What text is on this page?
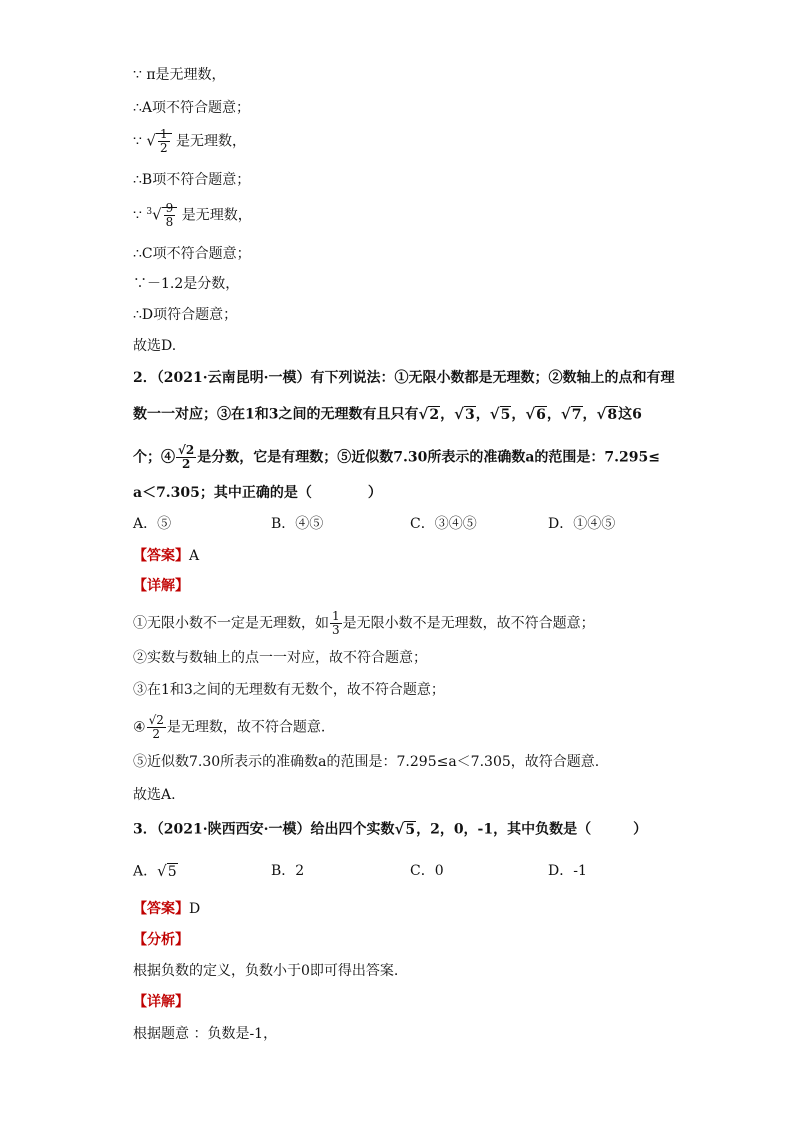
∵ π是无理数，
∴A项不符合题意；
∵ √ $\frac{1}{2}$ 是无理数，
∴B项不符合题意；
∵ $^3√ \frac{9}{8}$ 是无理数，
∴C项不符合题意；
∵－1.2是分数，
∴D项符合题意；
故选D.
2．（2021·云南昆明·一模）有下列说法：①无限小数都是无理数；②数轴上的点和有理
数一一对应；③在1和3之间的无理数有且只有√2，√3，√5，√6，√7，√8这6
个；④ $\frac{√2}{2}$ 是分数，它是有理数；⑤近似数7.30所表示的准确数a的范围是：7.295≤
a＜7.305；其中正确的是（　　　　）
A．⑤	B．④⑤	C．③④⑤	D．①④⑤
【答案】A
【详解】
①无限小数不一定是无理数，如 $\frac{1}{3}$ 是无限小数不是无理数，故不符合题意；
②实数与数轴上的点一一对应，故不符合题意；
③在1和3之间的无理数有无数个，故不符合题意；
④ $\frac{√2}{2}$ 是无理数，故不符合题意.
⑤近似数7.30所表示的准确数a的范围是：7.295≤a＜7.305，故符合题意.
故选A.
3．（2021·陕西西安·一模）给出四个实数√5，2，0，-1，其中负数是（　　　）
A．√5	B．2	C．0	D．-1
【答案】D
【分析】
根据负数的定义，负数小于0即可得出答案.
【详解】
根据题意 ：负数是-1，
